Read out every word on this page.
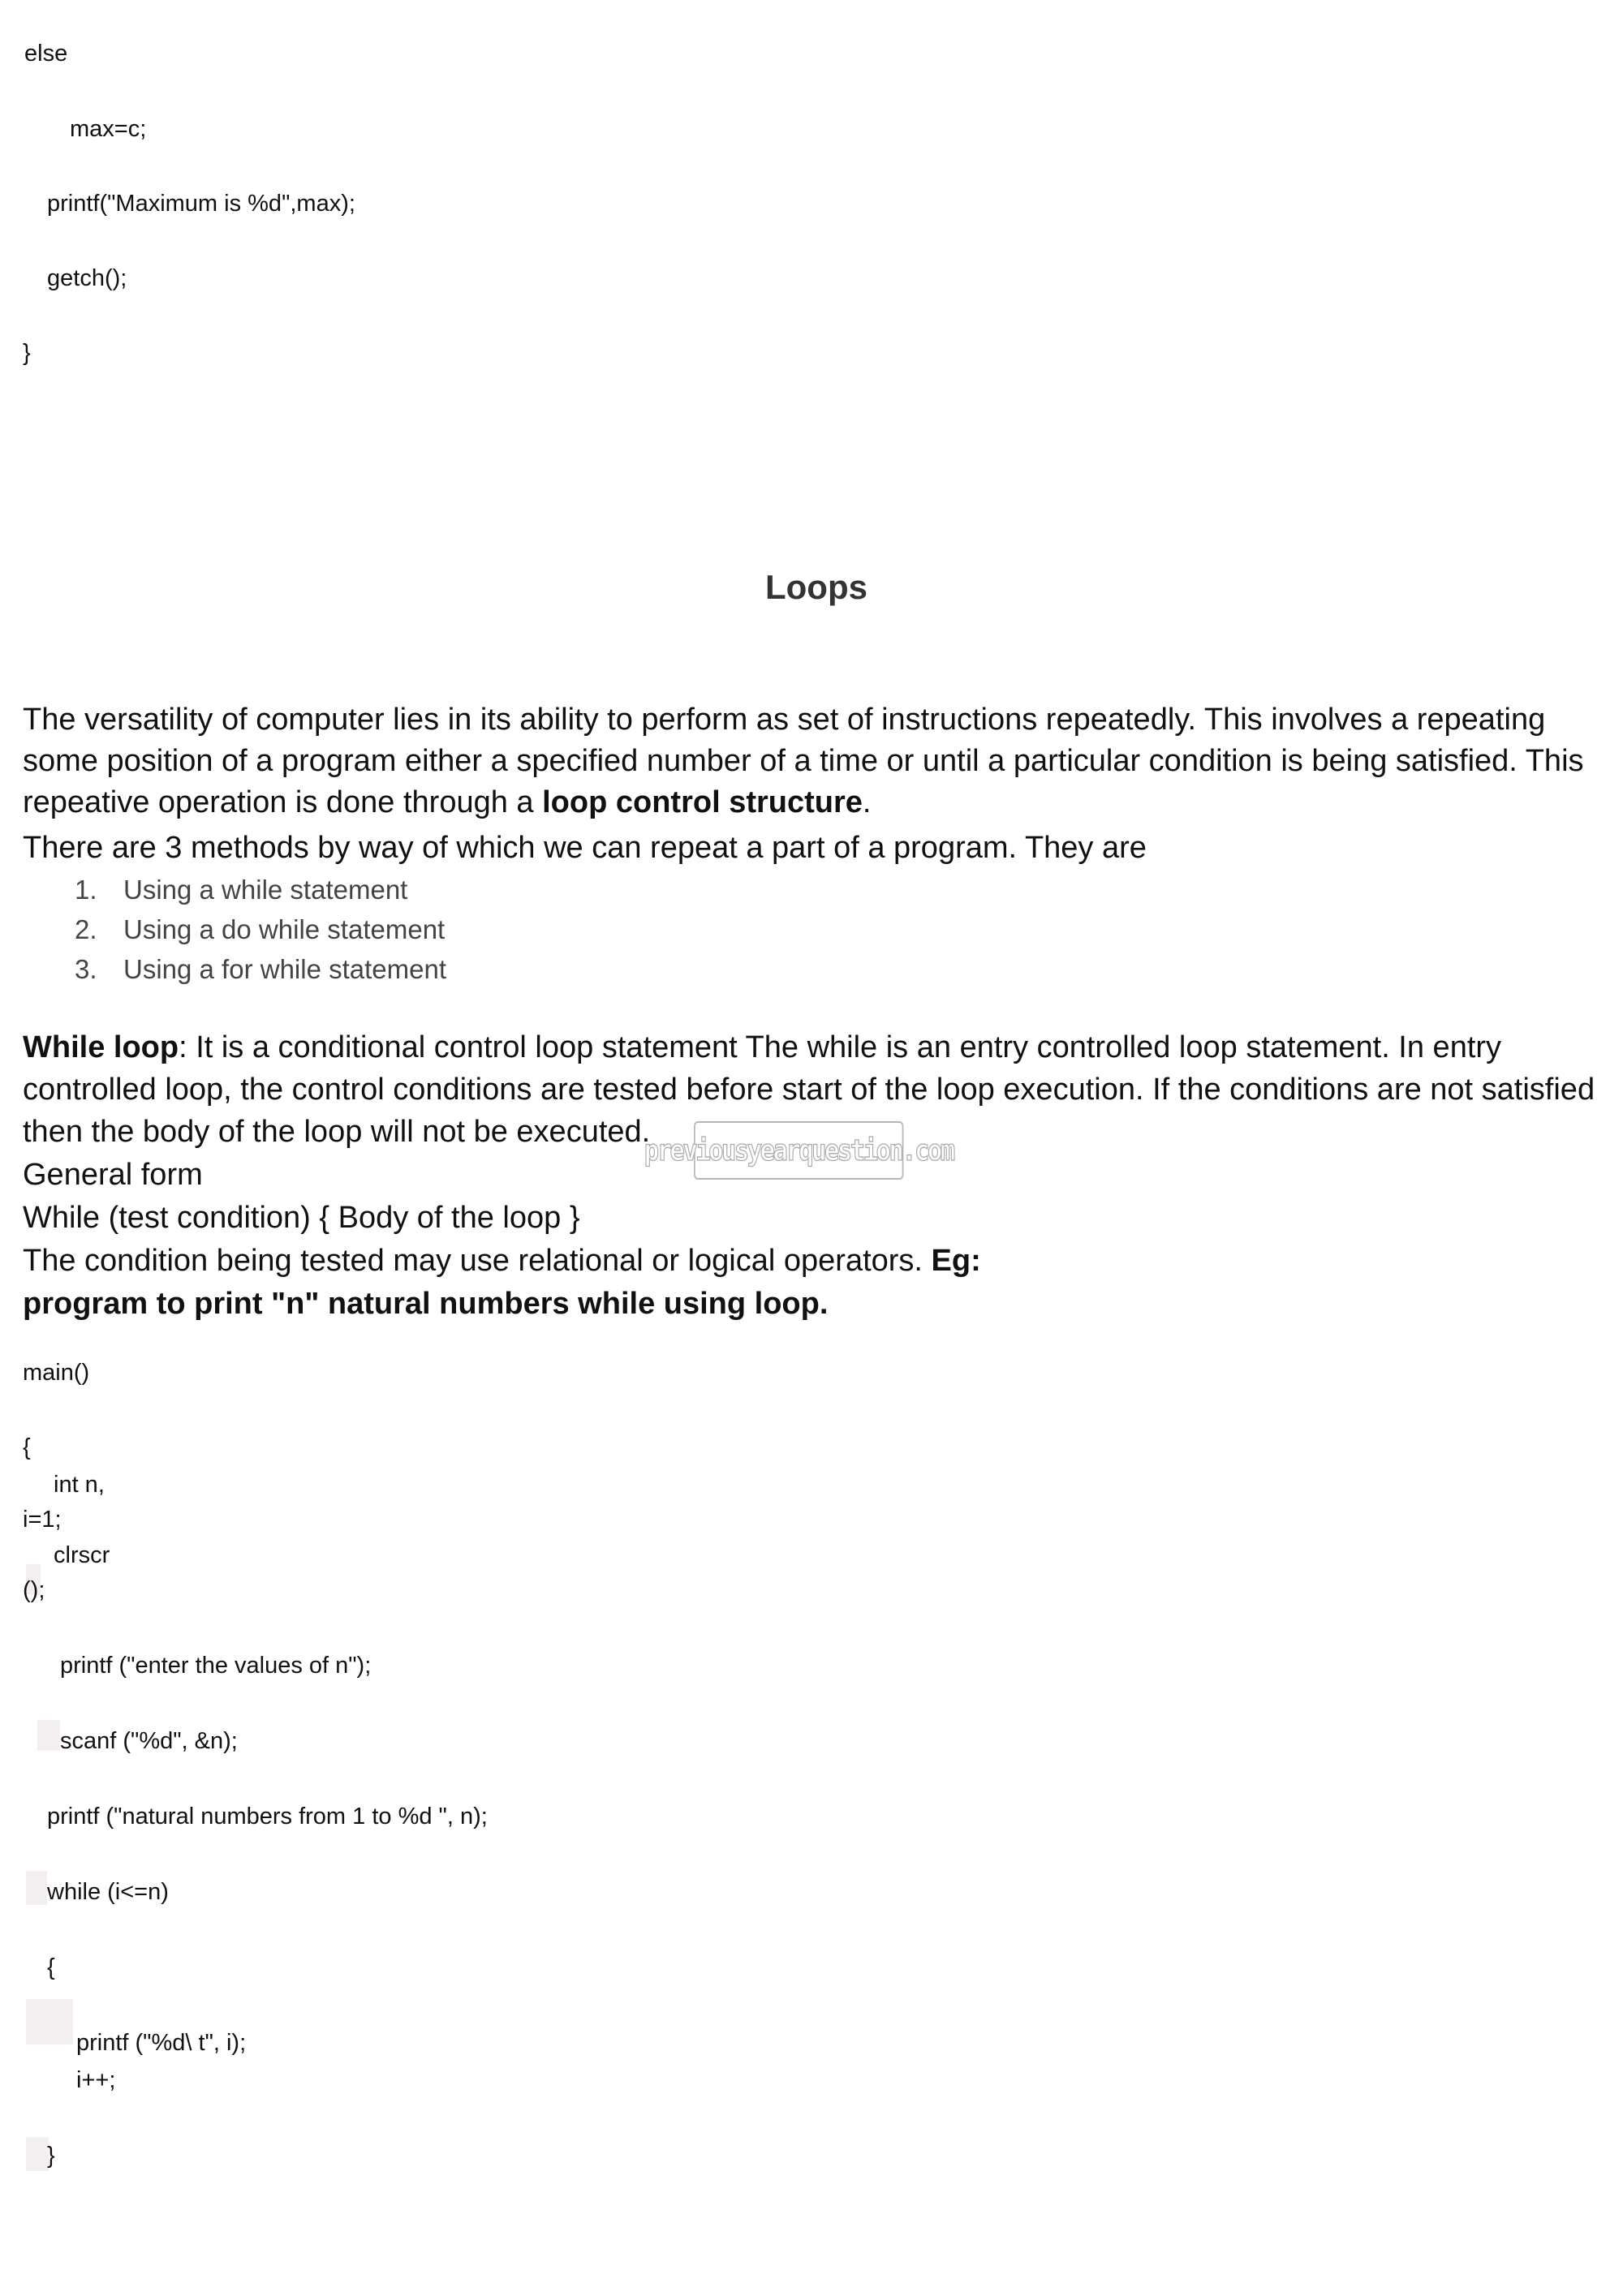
else
max=c;
printf("Maximum is %d",max);
getch();
}
Loops
The versatility of computer lies in its ability to perform as set of instructions repeatedly. This involves a repeating
some position of a program either a specified number of a time or until a particular condition is being satisfied. This
repeative operation is done through a loop control structure.
There are 3 methods by way of which we can repeat a part of a program. They are
1. Using a while statement
2. Using a do while statement
3. Using a for while statement
While loop: It is a conditional control loop statement The while is an entry controlled loop statement. In entry
controlled loop, the control conditions are tested before start of the loop execution. If the conditions are not satisfied
then the body of the loop will not be executed.
General form
While (test condition) { Body of the loop }
The condition being tested may use relational or logical operators. Eg:
program to print "n" natural numbers while using loop.
previousyearquestion.com
main()
{
int n,
i=1;
clrscr
();
printf ("enter the values of n");
scanf ("%d", &n);
printf ("natural numbers from 1 to %d ", n);
while (i<=n)
{
printf ("%d\ t", i);
i++;
}
